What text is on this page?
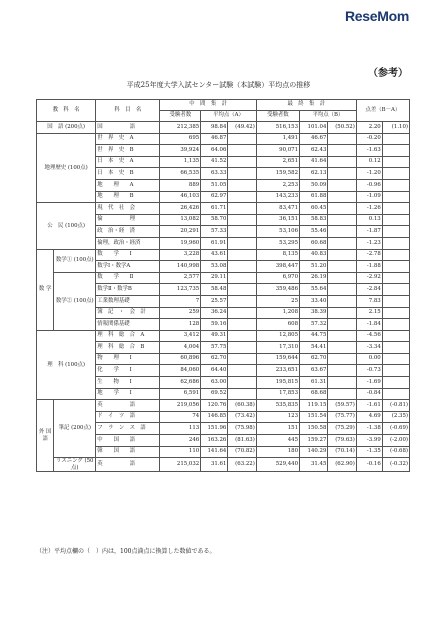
ReseMom
（参考）
平成25年度大学入試センター試験（本試験）平均点の推移
教　科　名		科　目　名	中　間　集　計			最　終　集　計			点差（B－A）	
			受験者数	平均点（A）		受験者数	平均点（B）			
国　語 (200点)		国　　　　　語	212,385	98.84	(49.42)	516,153	101.04	(50.52)	2.20	(1.10)
地理歴史 (100点)		世　界　史　A	695	46.87		1,491	46.67		-0.20	
		世　界　史　B	39,924	64.06		90,071	62.43		-1.63	
		日　本　史　A	1,135	41.52		2,651	41.64		0.12	
		日　本　史　B	66,535	63.33		159,582	62.13		-1.20	
		地　　理　　A	889	51.05		2,253	50.09		-0.96	
		地　　理　　B	46,103	62.97		143,233	61.88		-1.09	
公　民 (100点)		現　代　社　会	26,426	61.71		83,471	60.45		-1.26	
		倫　　　　　理	13,082	58.70		36,151	58.83		0.13	
		政　治・経　済	20,291	57.33		53,106	55.46		-1.87	
		倫理，政治・経済	19,960	61.91		53,295	60.68		-1.23	
数 学	数学① (100点)	数　　学　　Ⅰ	3,228	43.61		8,135	40.83		-2.78	
		数学Ⅰ・数学A	140,998	53.08		398,447	51.20		-1.88	
	数学② (100点)	数　　学　　Ⅱ	2,577	29.11		6,970	26.19		-2.92	
		数学Ⅱ・数学B	123,735	58.48		359,486	55.64		-2.84	
		工業数理基礎	7	25.57		25	33.40		7.83	
		簿　記　・　会　計	259	36.24		1,208	38.39		2.15	
		情報関係基礎	128	59.16		608	57.32		-1.84	
理　科 (100点)		理　科　総　合　A	3,412	49.31		12,805	44.75		-4.56	
		理　科　総　合　B	4,004	57.75		17,310	54.41		-3.34	
		物　　理　　Ⅰ	60,896	62.70		159,644	62.70		0.00	
		化　　学　　Ⅰ	84,060	64.40		233,651	63.67		-0.73	
		生　　物　　Ⅰ	62,686	63.00		195,815	61.31		-1.69	
		地　　学　　Ⅰ	6,591	69.52		17,853	68.68		-0.84	
外 国 語	筆記 (200点)	英　　　　　語	219,056	120.76	(60.38)	535,835	119.15	(59.57)	-1.61	(-0.81)
		ド　イ　ツ　語	74	146.85	(73.42)	123	151.54	(75.77)	4.69	(2.35)
		フ　ラ　ン　ス　語	113	151.96	(75.98)	151	150.58	(75.29)	-1.38	(-0.69)
		中　　国　　語	246	163.26	(81.63)	445	159.27	(79.63)	-3.99	(-2.00)
		韓　　国　　語	110	141.64	(70.82)	180	140.29	(70.14)	-1.35	(-0.68)
	リスニング (50点)	英　　　　　語	215,032	31.61	(63.22)	529,440	31.45	(62.90)	-0.16	(-0.32)
（注）平均点欄の（　）内は，100点満点に換算した数値である。
